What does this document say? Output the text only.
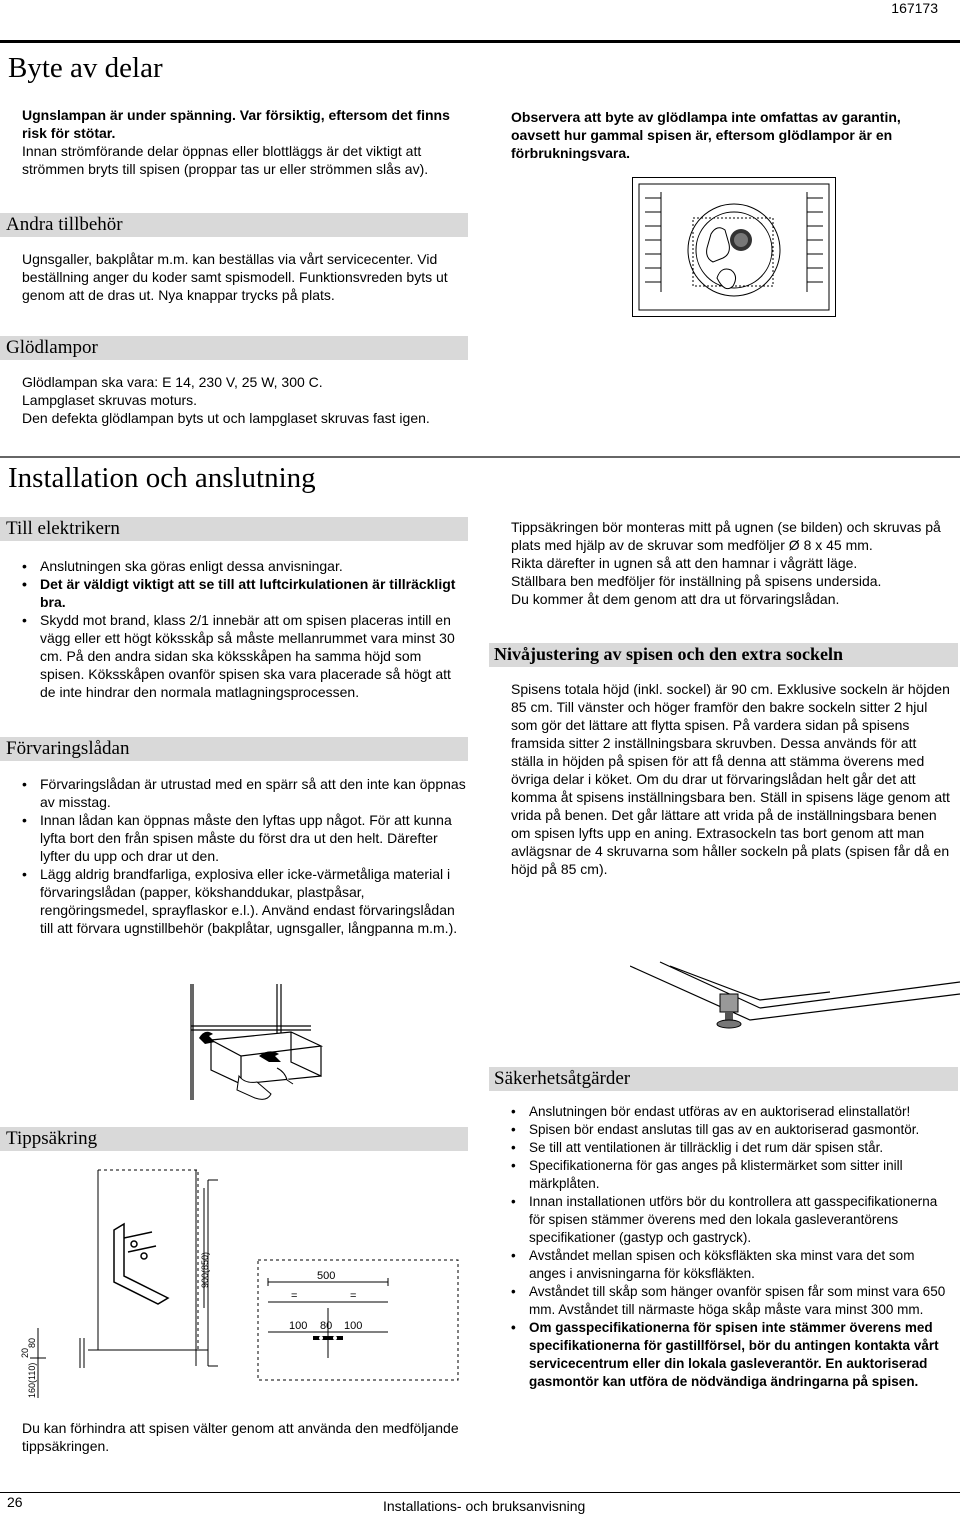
167173
Byte av delar

Ugnslampan är under spänning. Var försiktig, eftersom det finns risk för stötar.

Innan strömförande delar öppnas eller blottläggs är det viktigt att strömmen bryts till spisen (proppar tas ur eller strömmen slås av).

Andra tillbehör

Ugnsgaller, bakplåtar m.m. kan beställas via vårt servicecenter. Vid beställning anger du koder samt spismodell. Funktionsvreden byts ut genom att de dras ut. Nya knappar trycks på plats.

Glödlampor

Glödlampan ska vara: E 14, 230 V, 25 W, 300 C.

Lampglaset skruvas moturs.

Den defekta glödlampan byts ut och lampglaset skruvas fast igen.

Observera att byte av glödlampa inte omfattas av garantin, oavsett hur gammal spisen är, eftersom glödlampor är en förbrukningsvara.

Installation och anslutning
Till elektrikern
• Anslutningen ska göras enligt dessa anvisningar.
• Det är väldigt viktigt att se till att luftcirkulationen är tillräckligt bra.
• Skydd mot brand, klass 2/1 innebär att om spisen placeras intill en vägg eller ett högt köksskåp så måste mellanrummet vara minst 30 cm. På den andra sidan ska köksskåpen ha samma höjd som spisen. Köksskåpen ovanför spisen ska vara placerade så högt att de inte hindrar den normala matlagningsprocessen.
Förvaringslådan
• Förvaringslådan är utrustad med en spärr så att den inte kan öppnas av misstag.
• Innan lådan kan öppnas måste den lyftas upp något. För att kunna lyfta bort den från spisen måste du först dra ut den helt. Därefter lyfter du upp och drar ut den.
• Lägg aldrig brandfarliga, explosiva eller icke-värmetåliga material i förvaringslådan (papper, kökshanddukar, plastpåsar, rengöringsmedel, sprayflaskor e.l.). Använd endast förvaringslådan till att förvara ugnstillbehör (bakplåtar, ugnsgaller, långpanna m.m.).

Tippsäkringen bör monteras mitt på ugnen (se bilden) och skruvas på plats med hjälp av de skruvar som medföljer Ø 8 x 45 mm.

Rikta därefter in ugnen så att den hamnar i vågrätt läge.

Ställbara ben medföljer för inställning på spisens undersida.

Du kommer åt dem genom att dra ut förvaringslådan.

Nivåjustering av spisen och den extra sockeln

Spisens totala höjd (inkl. sockel) är 90 cm. Exklusive sockeln är höjden 85 cm. Till vänster och höger framför den bakre sockeln sitter 2 hjul som gör det lättare att flytta spisen. På vardera sidan på spisens framsida sitter 2 inställningsbara skruvben. Dessa används för att ställa in höjden på spisen för att få denna att stämma överens med övriga delar i köket. Om du drar ut förvaringslådan helt går det att komma åt spisens inställningsbara ben. Ställ in spisens läge genom att vrida på benen. Det går lättare att vrida på de inställningsbara benen om spisen lyfts upp en aning. Extrasockeln tas bort genom att man avlägsnar de 4 skruvarna som håller sockeln på plats (spisen får då en höjd på 85 cm).

Tippsäkring
500
=	=
100 80 100
900(850)
160(110)
20
80

Du kan förhindra att spisen välter genom att använda den medföljande tippsäkringen.

Säkerhetsåtgärder
• Anslutningen bör endast utföras av en auktoriserad elinstallatör!
• Spisen bör endast anslutas till gas av en auktoriserad gasmontör.
• Se till att ventilationen är tillräcklig i det rum där spisen står.
• Specifikationerna för gas anges på klistermärket som sitter inill märkplåten.
• Innan installationen utförs bör du kontrollera att gasspecifikationerna för spisen stämmer överens med den lokala gasleverantörens specifikationer (gastyp och gastryck).
• Avståndet mellan spisen och köksfläkten ska minst vara det som anges i anvisningarna för köksfläkten.
• Avståndet till skåp som hänger ovanför spisen får som minst vara 650 mm. Avståndet till närmaste höga skåp måste vara minst 300 mm.
• Om gasspecifikationerna för spisen inte stämmer överens med specifikationerna för gastillförsel, bör du antingen kontakta vårt servicecentrum eller din lokala gasleverantör. En auktoriserad gasmontör kan utföra de nödvändiga ändringarna på spisen.
26	Installations- och bruksanvisning
